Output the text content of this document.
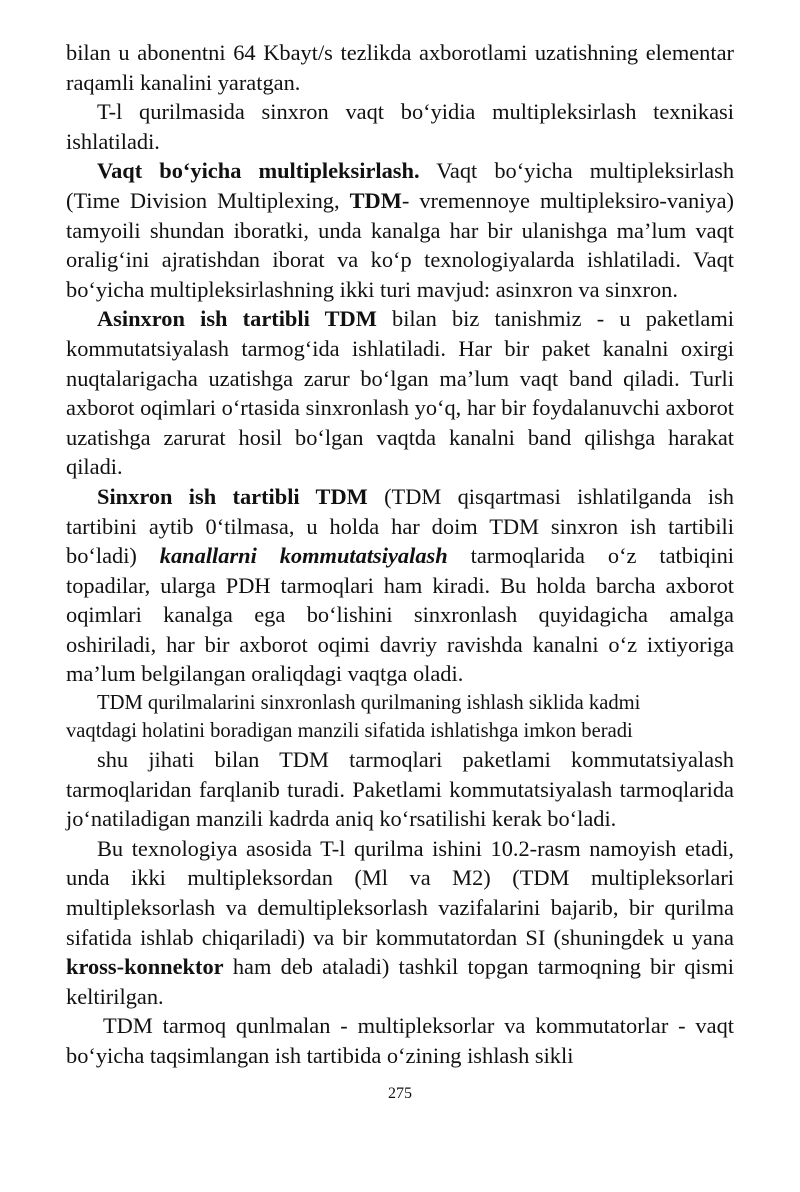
bilan u abonentni 64 Kbayt/s tezlikda axborotlami uzatishning elementar raqamli kanalini yaratgan.

T-l qurilmasida sinxron vaqt bo‘yidia multipleksirlash texnikasi ishlatiladi.

Vaqt bo‘yicha multipleksirlash. Vaqt bo‘yicha multipleksirlash (Time Division Multiplexing, TDM- vremennoye multipleksiro-vaniya) tamyoili shundan iboratki, unda kanalga har bir ulanishga ma’lum vaqt oralig‘ini ajratishdan iborat va ko‘p texnologiyalarda ishlatiladi. Vaqt bo‘yicha multipleksirlashning ikki turi mavjud: asinxron va sinxron.

Asinxron ish tartibli TDM bilan biz tanishmiz - u paketlami kommutatsiyalash tarmog‘ida ishlatiladi. Har bir paket kanalni oxirgi nuqtalarigacha uzatishga zarur bo‘lgan ma’lum vaqt band qiladi. Turli axborot oqimlari o‘rtasida sinxronlash yo‘q, har bir foydalanuvchi axborot uzatishga zarurat hosil bo‘lgan vaqtda kanalni band qilishga harakat qiladi.

Sinxron ish tartibli TDM (TDM qisqartmasi ishlatilganda ish tartibini aytib 0‘tilmasa, u holda har doim TDM sinxron ish tartibili bo‘ladi) kanallarni kommutatsiyalash tarmoqlarida o‘z tatbiqini topadilar, ularga PDH tarmoqlari ham kiradi. Bu holda barcha axborot oqimlari kanalga ega bo‘lishini sinxronlash quyidagicha amalga oshiriladi, har bir axborot oqimi davriy ravishda kanalni o‘z ixtiyoriga ma’lum belgilangan oraliqdagi vaqtga oladi.

TDM qurilmalarini sinxronlash qurilmaning ishlash siklida kadmi
vaqtdagi holatini boradigan manzili sifatida ishlatishga imkon beradi

shu jihati bilan TDM tarmoqlari paketlami kommutatsiyalash tarmoqlaridan farqlanib turadi. Paketlami kommutatsiyalash tarmoqlarida jo‘natiladigan manzili kadrda aniq ko‘rsatilishi kerak bo‘ladi.

Bu texnologiya asosida T-l qurilma ishini 10.2-rasm namoyish etadi, unda ikki multipleksordan (Ml va M2) (TDM multipleksorlari multipleksorlash va demultipleksorlash vazifalarini bajarib, bir qurilma sifatida ishlab chiqariladi) va bir kommutatordan SI (shuningdek u yana kross-konnektor ham deb ataladi) tashkil topgan tarmoqning bir qismi keltirilgan.

TDM tarmoq qunlmalan - multipleksorlar va kommutatorlar - vaqt bo‘yicha taqsimlangan ish tartibida o‘zining ishlash sikli

275
